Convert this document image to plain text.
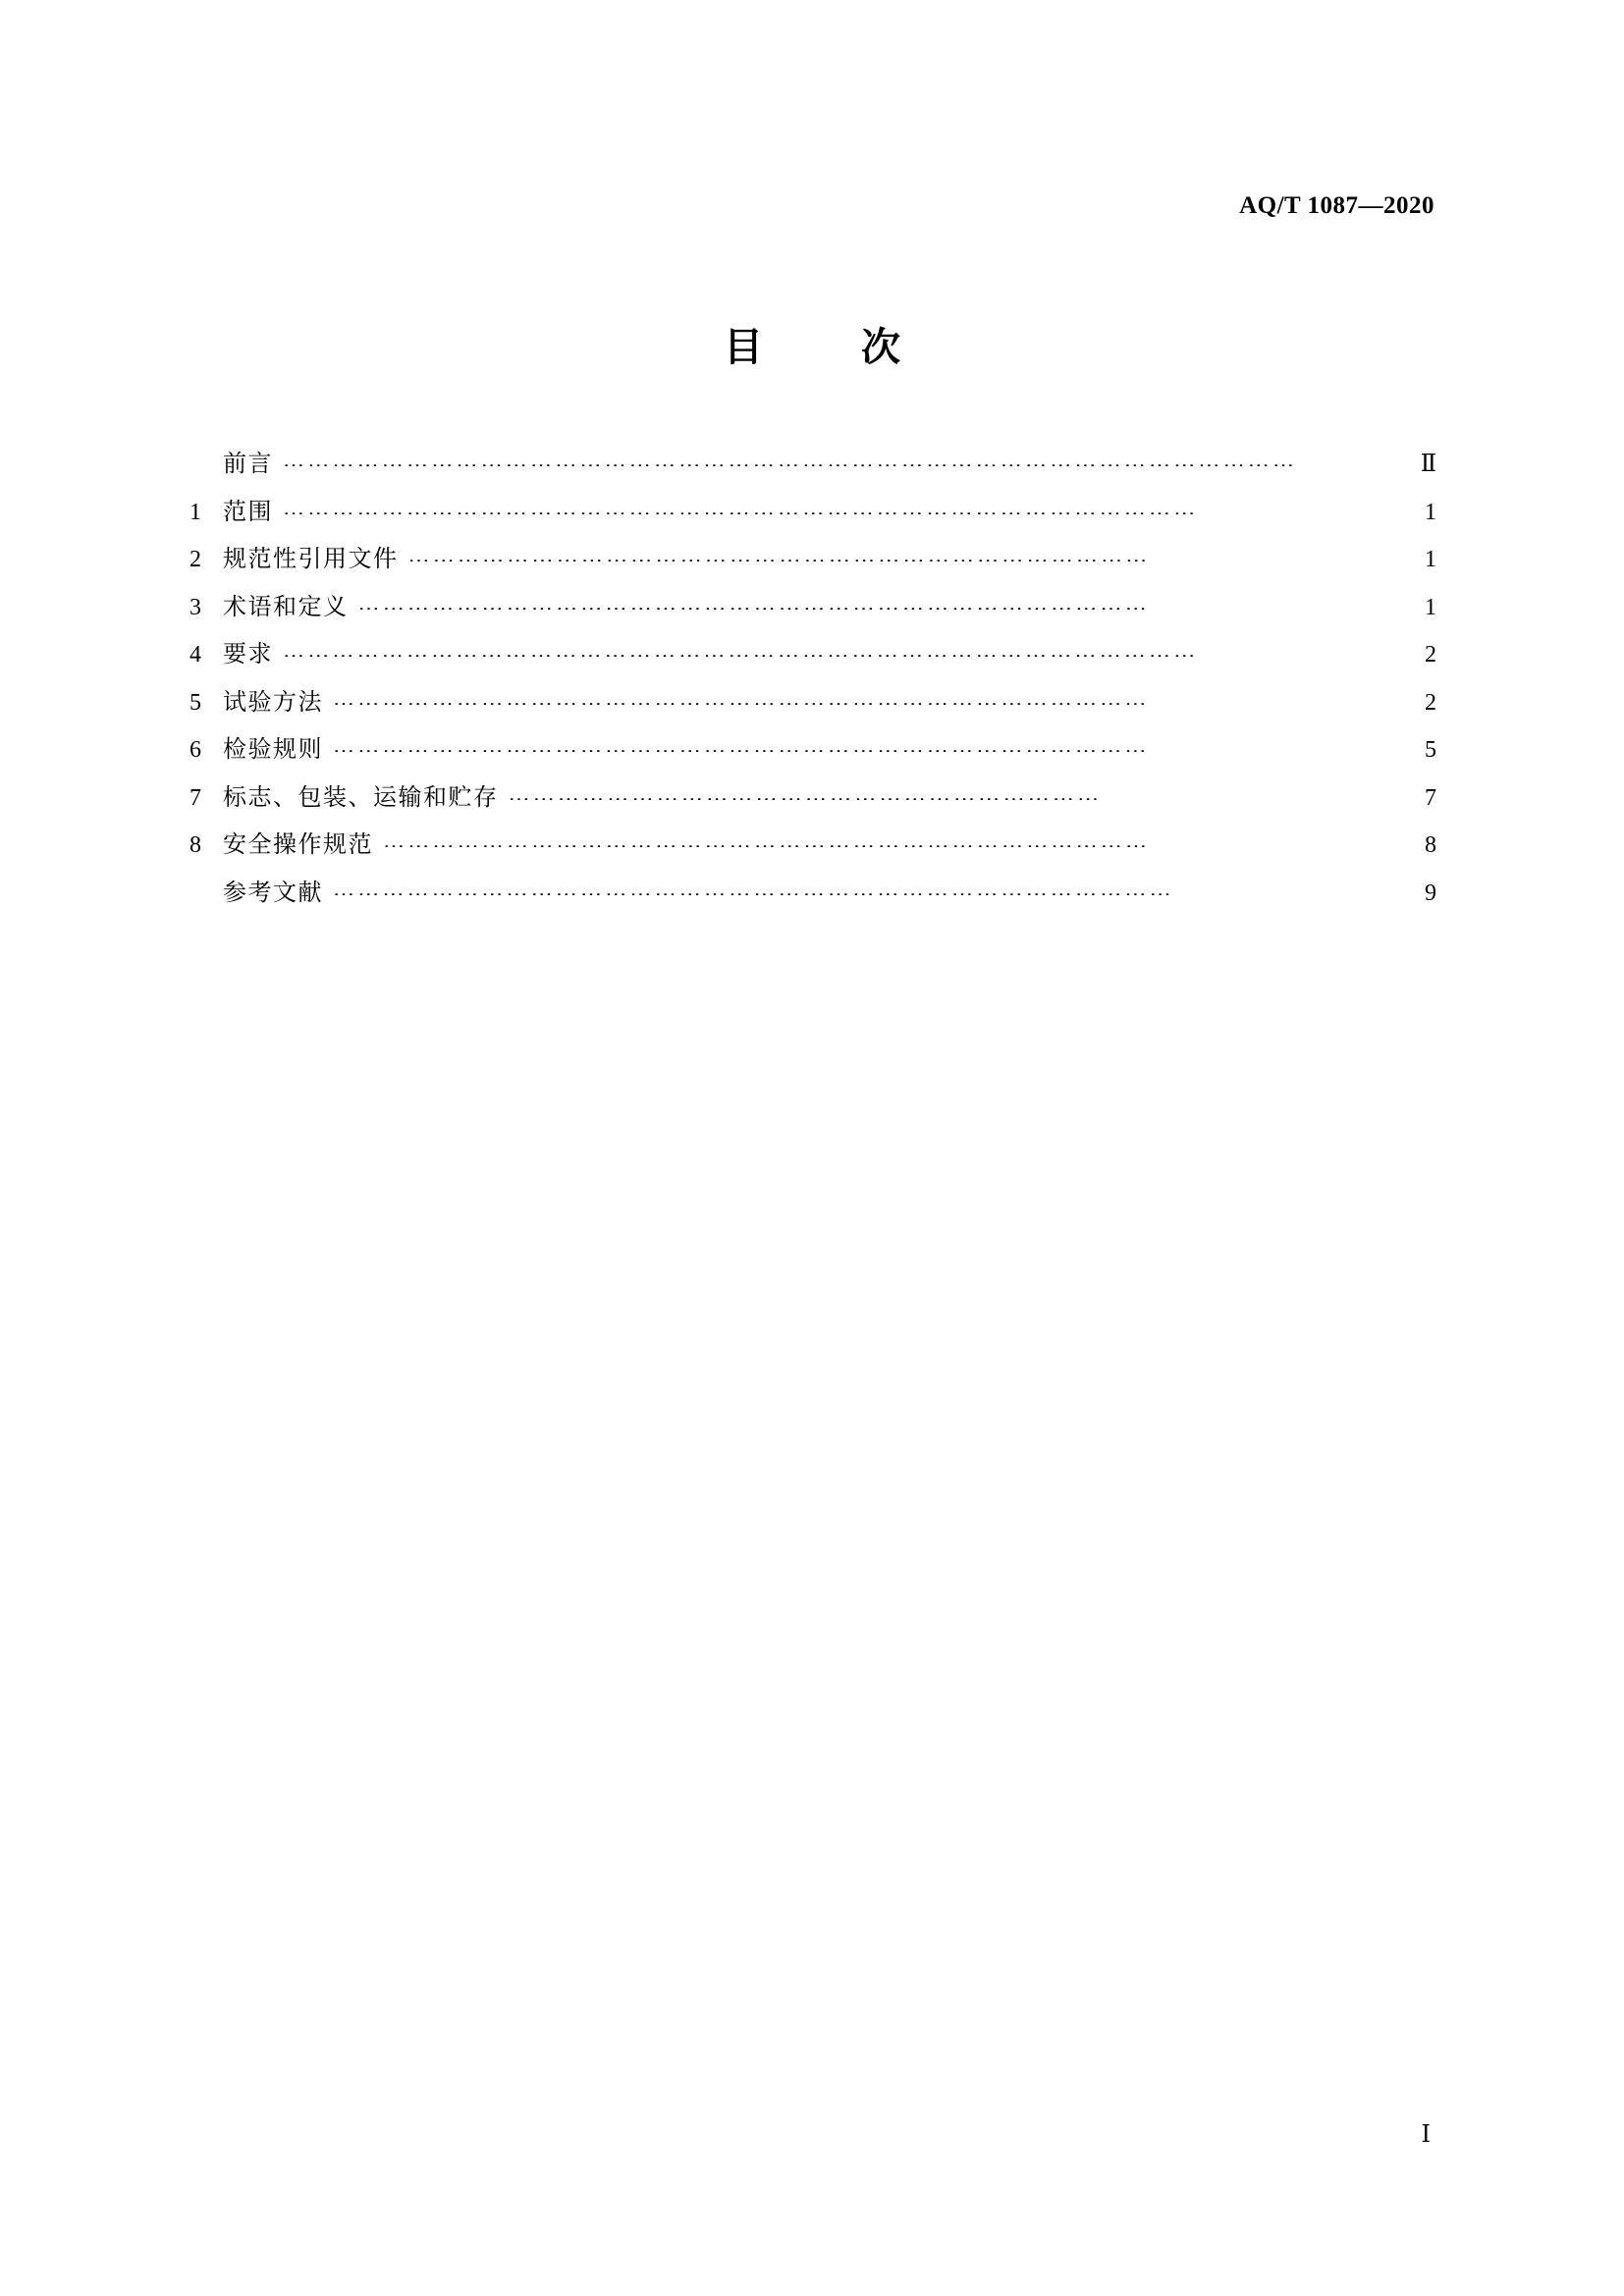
AQ/T 1087—2020
目　次
前言 ……………………………………………………………………………………………………………	Ⅱ
1 范围 …………………………………………………………………………………………………	1
2 规范性引用文件 ………………………………………………………………………………	1
3 术语和定义 ……………………………………………………………………………………	1
4 要求 …………………………………………………………………………………………………	2
5 试验方法 ………………………………………………………………………………………	2
6 检验规则 ………………………………………………………………………………………	5
7 标志、包装、运输和贮存 ………………………………………………………………	7
8 安全操作规范 …………………………………………………………………………………	8
参考文献 …………………………………………………………………………………………	9
Ⅰ
